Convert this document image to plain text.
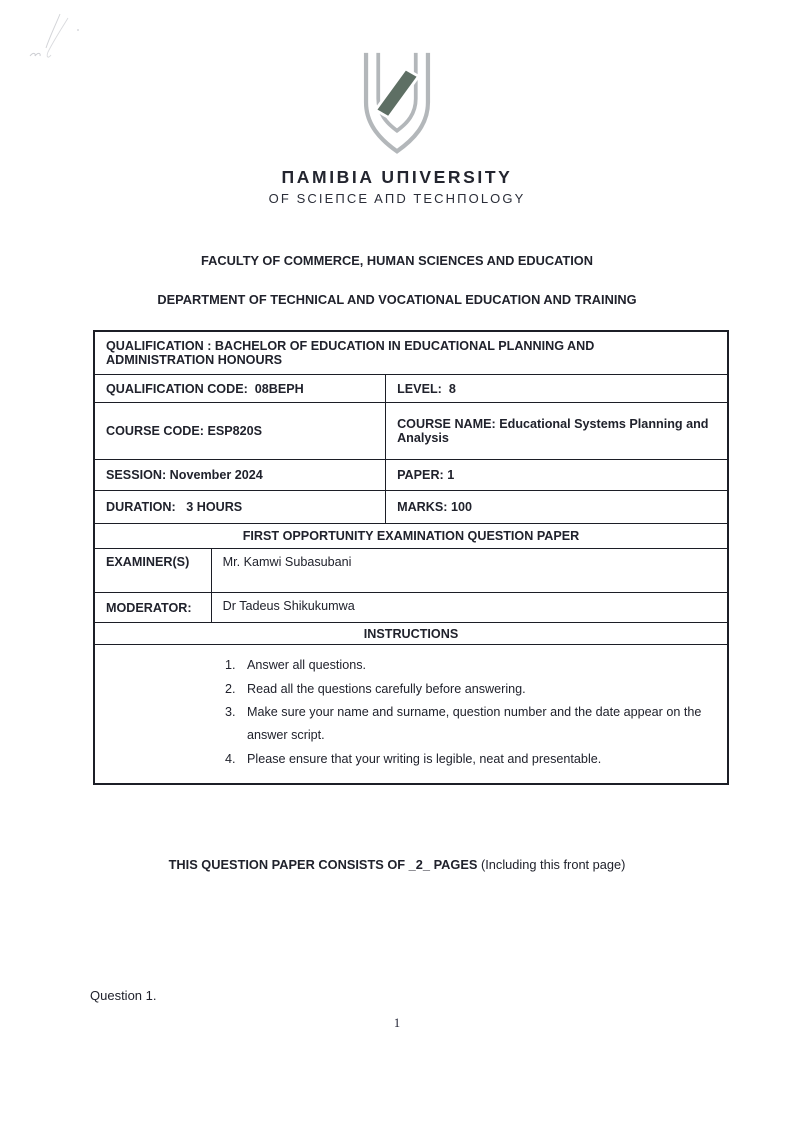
ΠAMIBIA UΠIVERSITY
OF SCIEΠCE AΠD TECHΠOLOGY
FACULTY OF COMMERCE, HUMAN SCIENCES AND EDUCATION
DEPARTMENT OF TECHNICAL AND VOCATIONAL EDUCATION AND TRAINING
QUALIFICATION : BACHELOR OF EDUCATION IN EDUCATIONAL PLANNING AND ADMINISTRATION HONOURS
QUALIFICATION CODE:  08BEPH	LEVEL:  8
COURSE CODE: ESP820S	COURSE NAME: Educational Systems Planning and Analysis
SESSION: November 2024	PAPER: 1
DURATION:   3 HOURS	MARKS: 100
FIRST OPPORTUNITY EXAMINATION QUESTION PAPER
EXAMINER(S)	Mr. Kamwi Subasubani
MODERATOR:	Dr Tadeus Shikukumwa
INSTRUCTIONS
1. Answer all questions.
2. Read all the questions carefully before answering.
3. Make sure your name and surname, question number and the date appear on the answer script.
4. Please ensure that your writing is legible, neat and presentable.
THIS QUESTION PAPER CONSISTS OF _2_ PAGES (Including this front page)
Question 1.
1
